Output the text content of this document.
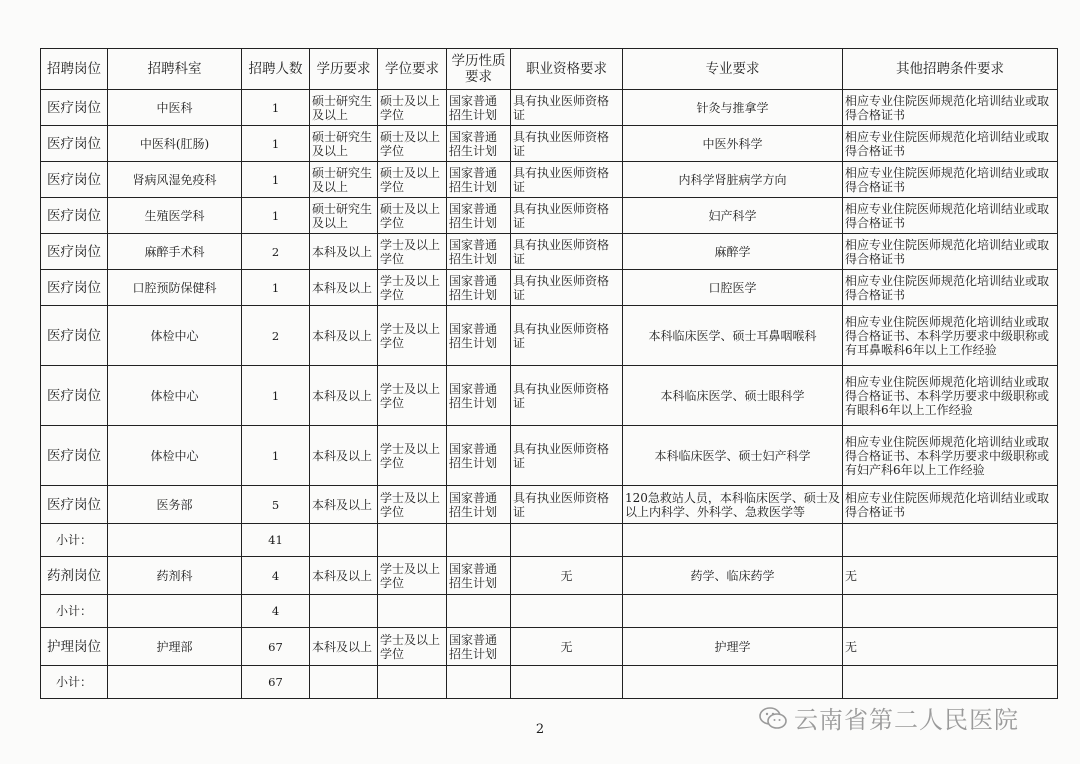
招聘岗位	招聘科室	招聘人数	学历要求	学位要求	学历性质要求	职业资格要求	专业要求	其他招聘条件要求
医疗岗位	中医科	1	硕士研究生及以上	硕士及以上学位	国家普通招生计划	具有执业医师资格证	针灸与推拿学	相应专业住院医师规范化培训结业或取得合格证书
医疗岗位	中医科(肛肠)	1	硕士研究生及以上	硕士及以上学位	国家普通招生计划	具有执业医师资格证	中医外科学	相应专业住院医师规范化培训结业或取得合格证书
医疗岗位	肾病风湿免疫科	1	硕士研究生及以上	硕士及以上学位	国家普通招生计划	具有执业医师资格证	内科学肾脏病学方向	相应专业住院医师规范化培训结业或取得合格证书
医疗岗位	生殖医学科	1	硕士研究生及以上	硕士及以上学位	国家普通招生计划	具有执业医师资格证	妇产科学	相应专业住院医师规范化培训结业或取得合格证书
医疗岗位	麻醉手术科	2	本科及以上	学士及以上学位	国家普通招生计划	具有执业医师资格证	麻醉学	相应专业住院医师规范化培训结业或取得合格证书
医疗岗位	口腔预防保健科	1	本科及以上	学士及以上学位	国家普通招生计划	具有执业医师资格证	口腔医学	相应专业住院医师规范化培训结业或取得合格证书
医疗岗位	体检中心	2	本科及以上	学士及以上学位	国家普通招生计划	具有执业医师资格证	本科临床医学、硕士耳鼻咽喉科	相应专业住院医师规范化培训结业或取得合格证书、本科学历要求中级职称或有耳鼻喉科6年以上工作经验
医疗岗位	体检中心	1	本科及以上	学士及以上学位	国家普通招生计划	具有执业医师资格证	本科临床医学、硕士眼科学	相应专业住院医师规范化培训结业或取得合格证书、本科学历要求中级职称或有眼科6年以上工作经验
医疗岗位	体检中心	1	本科及以上	学士及以上学位	国家普通招生计划	具有执业医师资格证	本科临床医学、硕士妇产科学	相应专业住院医师规范化培训结业或取得合格证书、本科学历要求中级职称或有妇产科6年以上工作经验
医疗岗位	医务部	5	本科及以上	学士及以上学位	国家普通招生计划	具有执业医师资格证	120急救站人员，本科临床医学、硕士及以上内科学、外科学、急救医学等	相应专业住院医师规范化培训结业或取得合格证书
小计：		41						
药剂岗位	药剂科	4	本科及以上	学士及以上学位	国家普通招生计划	无	药学、临床药学	无
小计：		4						
护理岗位	护理部	67	本科及以上	学士及以上学位	国家普通招生计划	无	护理学	无
小计：		67						
2	云南省第二人民医院
